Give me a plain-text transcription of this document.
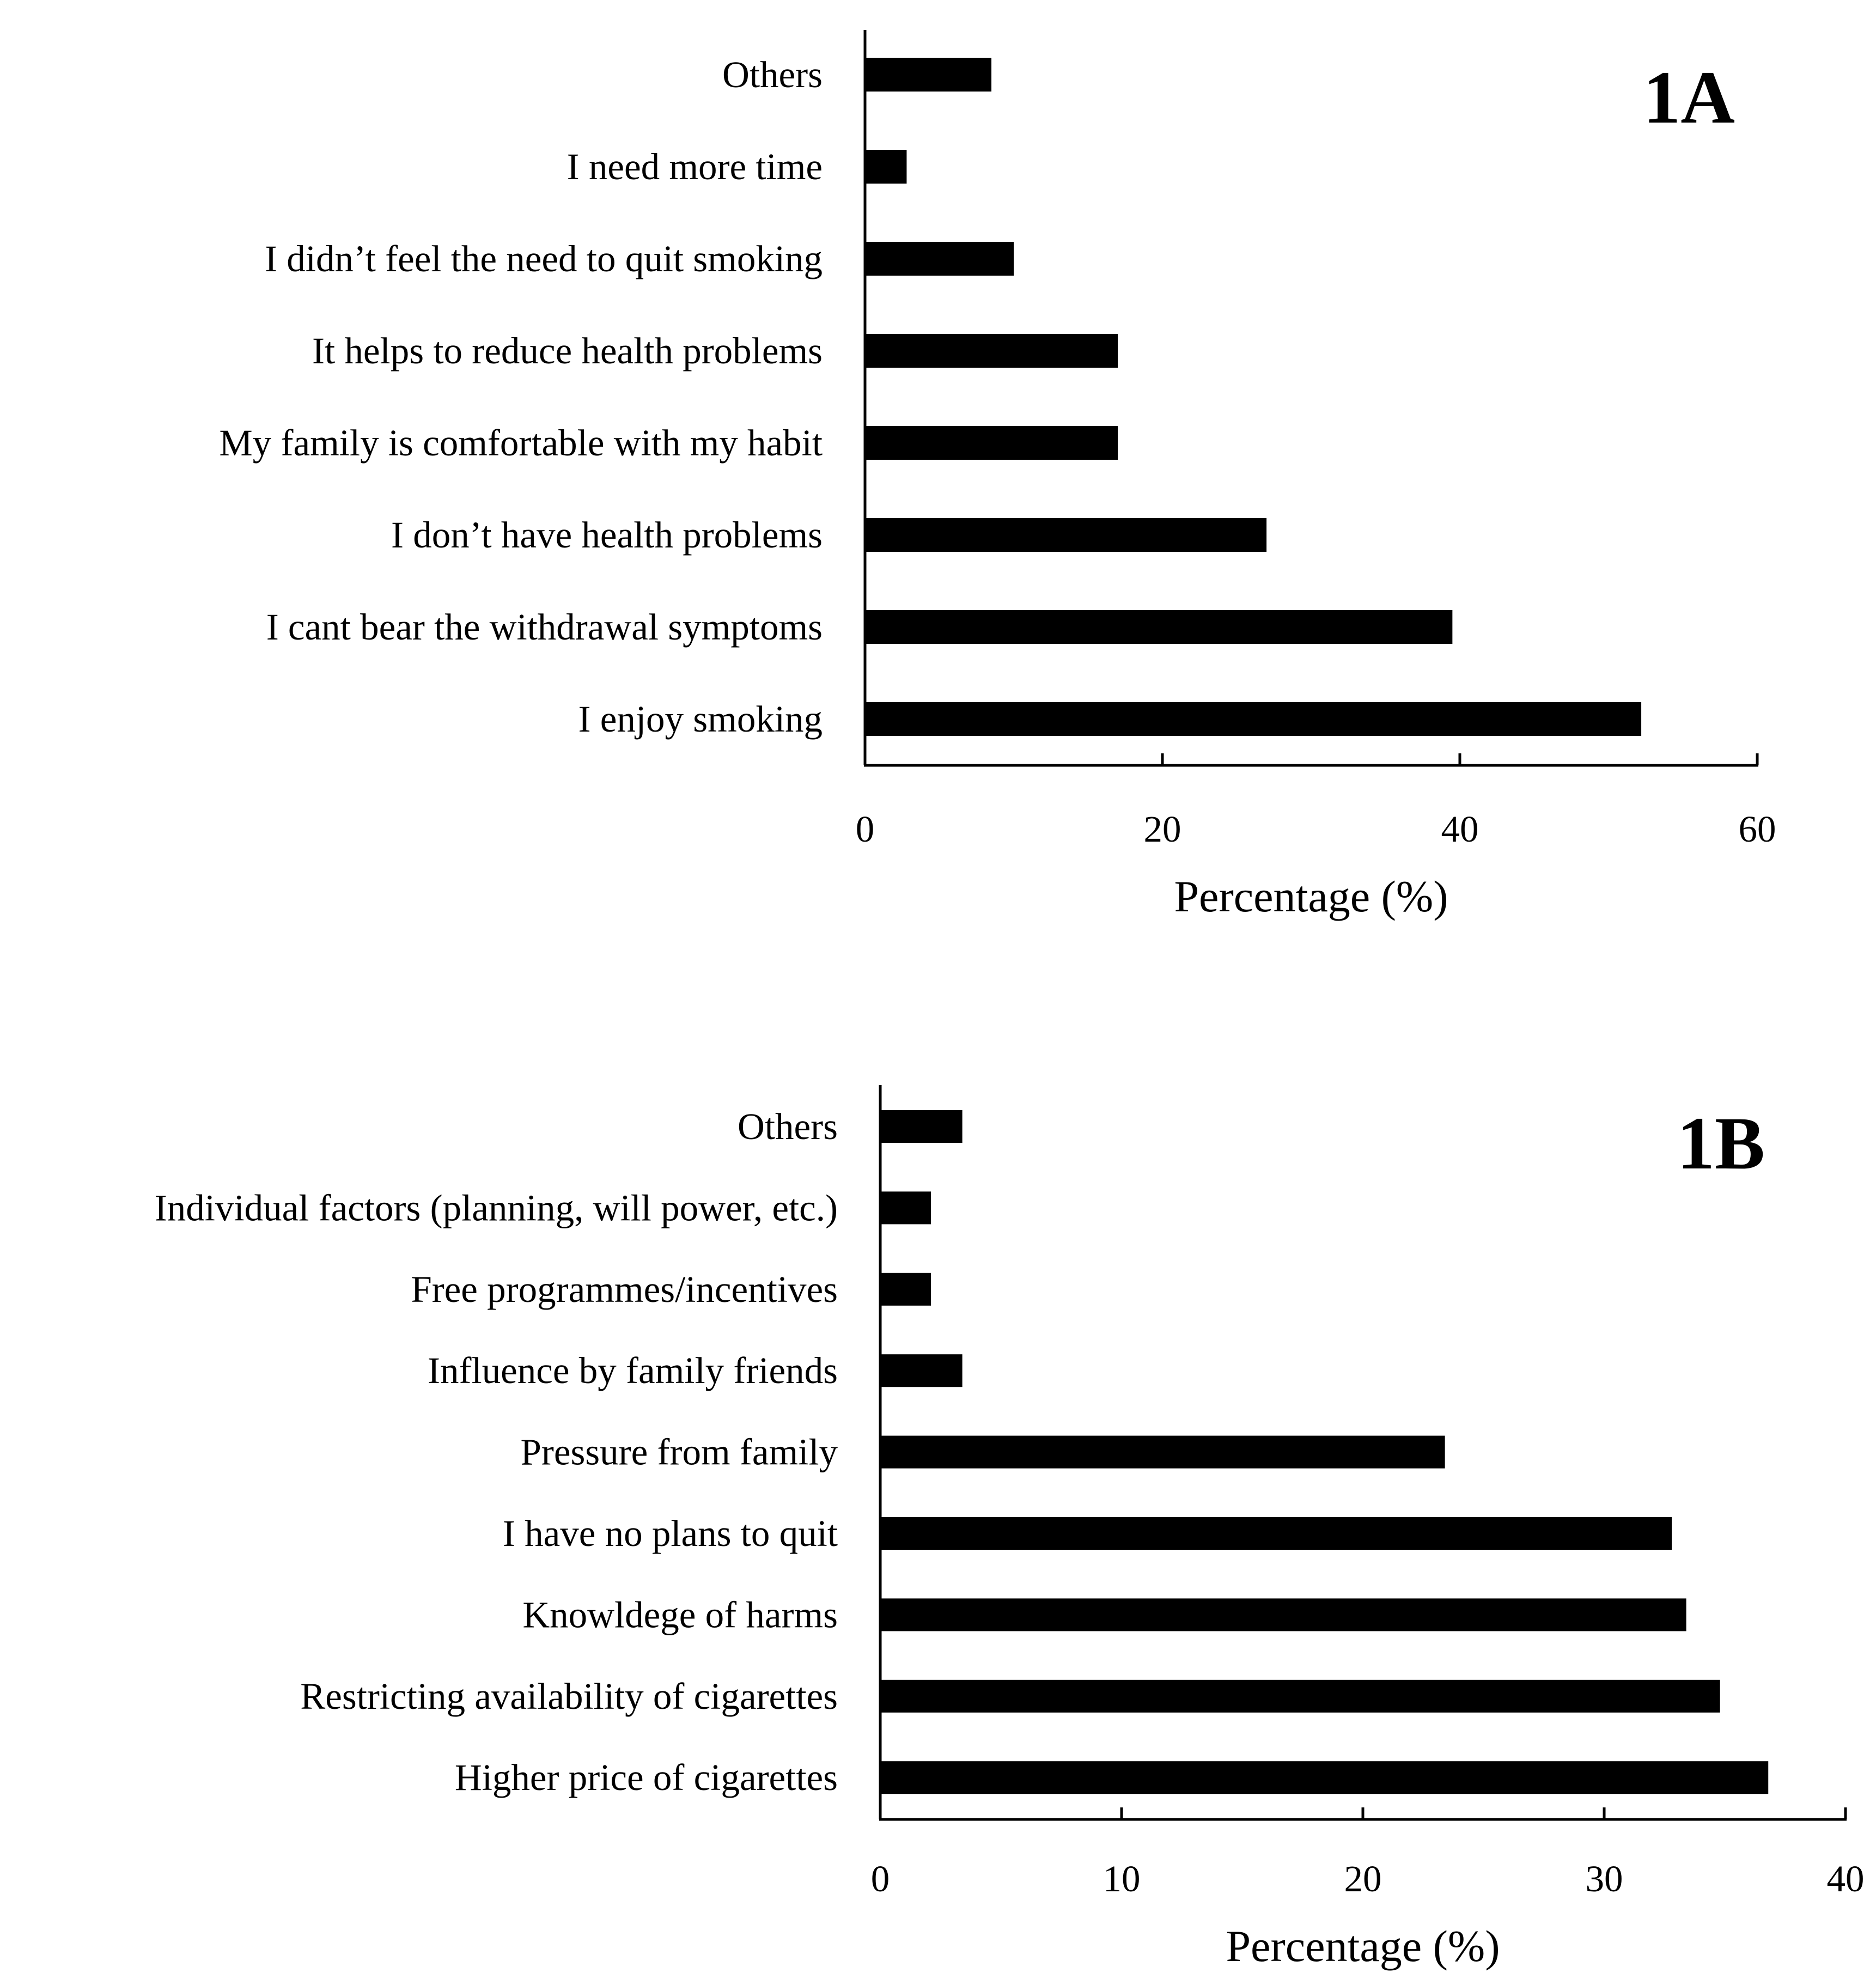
Others
I need more time
I didn’t feel the need to quit smoking
It helps to reduce health problems
My family is comfortable with my habit
I don’t have health problems
I cant bear the withdrawal symptoms
I enjoy smoking
0	20	40	60
Percentage (%)
1A
Others
Individual factors (planning, will power, etc.)
Free programmes/incentives
Influence by family friends
Pressure from family
I have no plans to quit
Knowldege of harms
Restricting availability of cigarettes
Higher price of cigarettes
0	10	20	30	40
Percentage (%)
1B
